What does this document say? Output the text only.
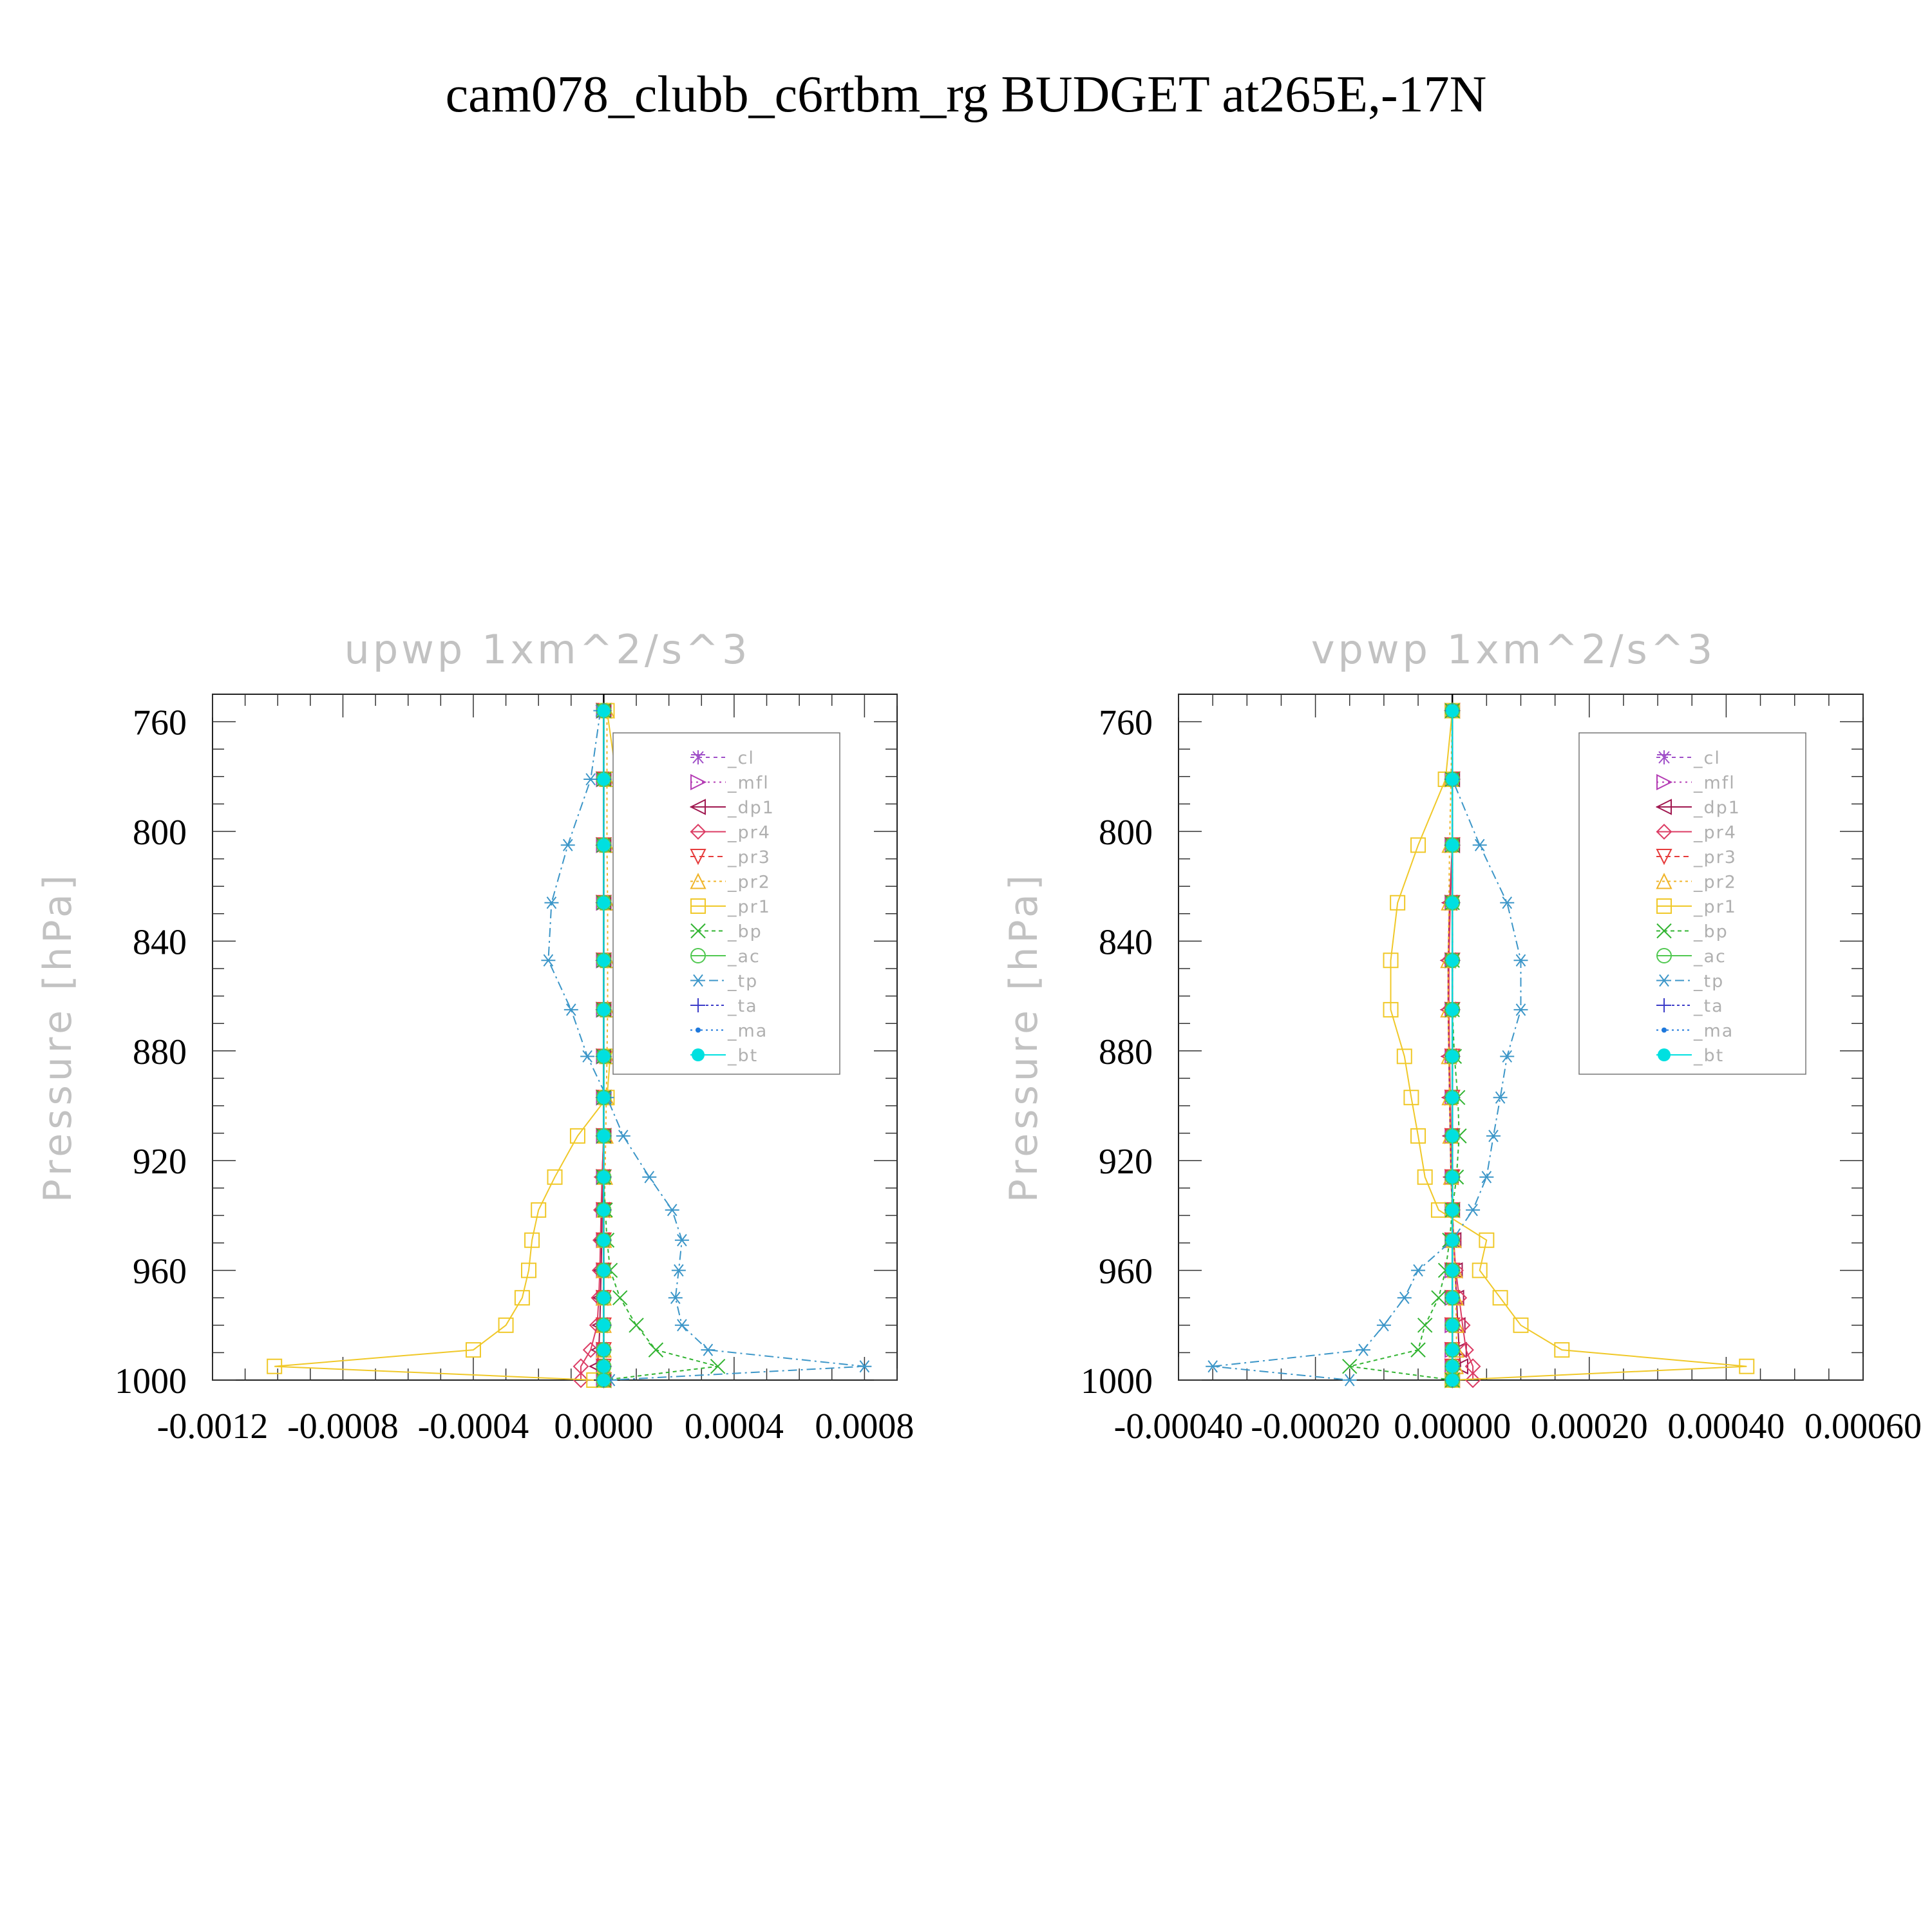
cam078_clubb_c6rtbm_rg BUDGET at265E,-17N
upwp 1xm^2/s^3
Pressure [hPa]
760
800
840
880
920
960
1000
-0.0012 -0.0008 -0.0004 0.0000 0.0004 0.0008
_cl
_mfl
_dp1
_pr4
_pr3
_pr2
_pr1
_bp
_ac
_tp
_ta
_ma
_bt
vpwp 1xm^2/s^3
Pressure [hPa]
760
800
840
880
920
960
1000
-0.00040 -0.00020 0.00000 0.00020 0.00040 0.00060
_cl
_mfl
_dp1
_pr4
_pr3
_pr2
_pr1
_bp
_ac
_tp
_ta
_ma
_bt
